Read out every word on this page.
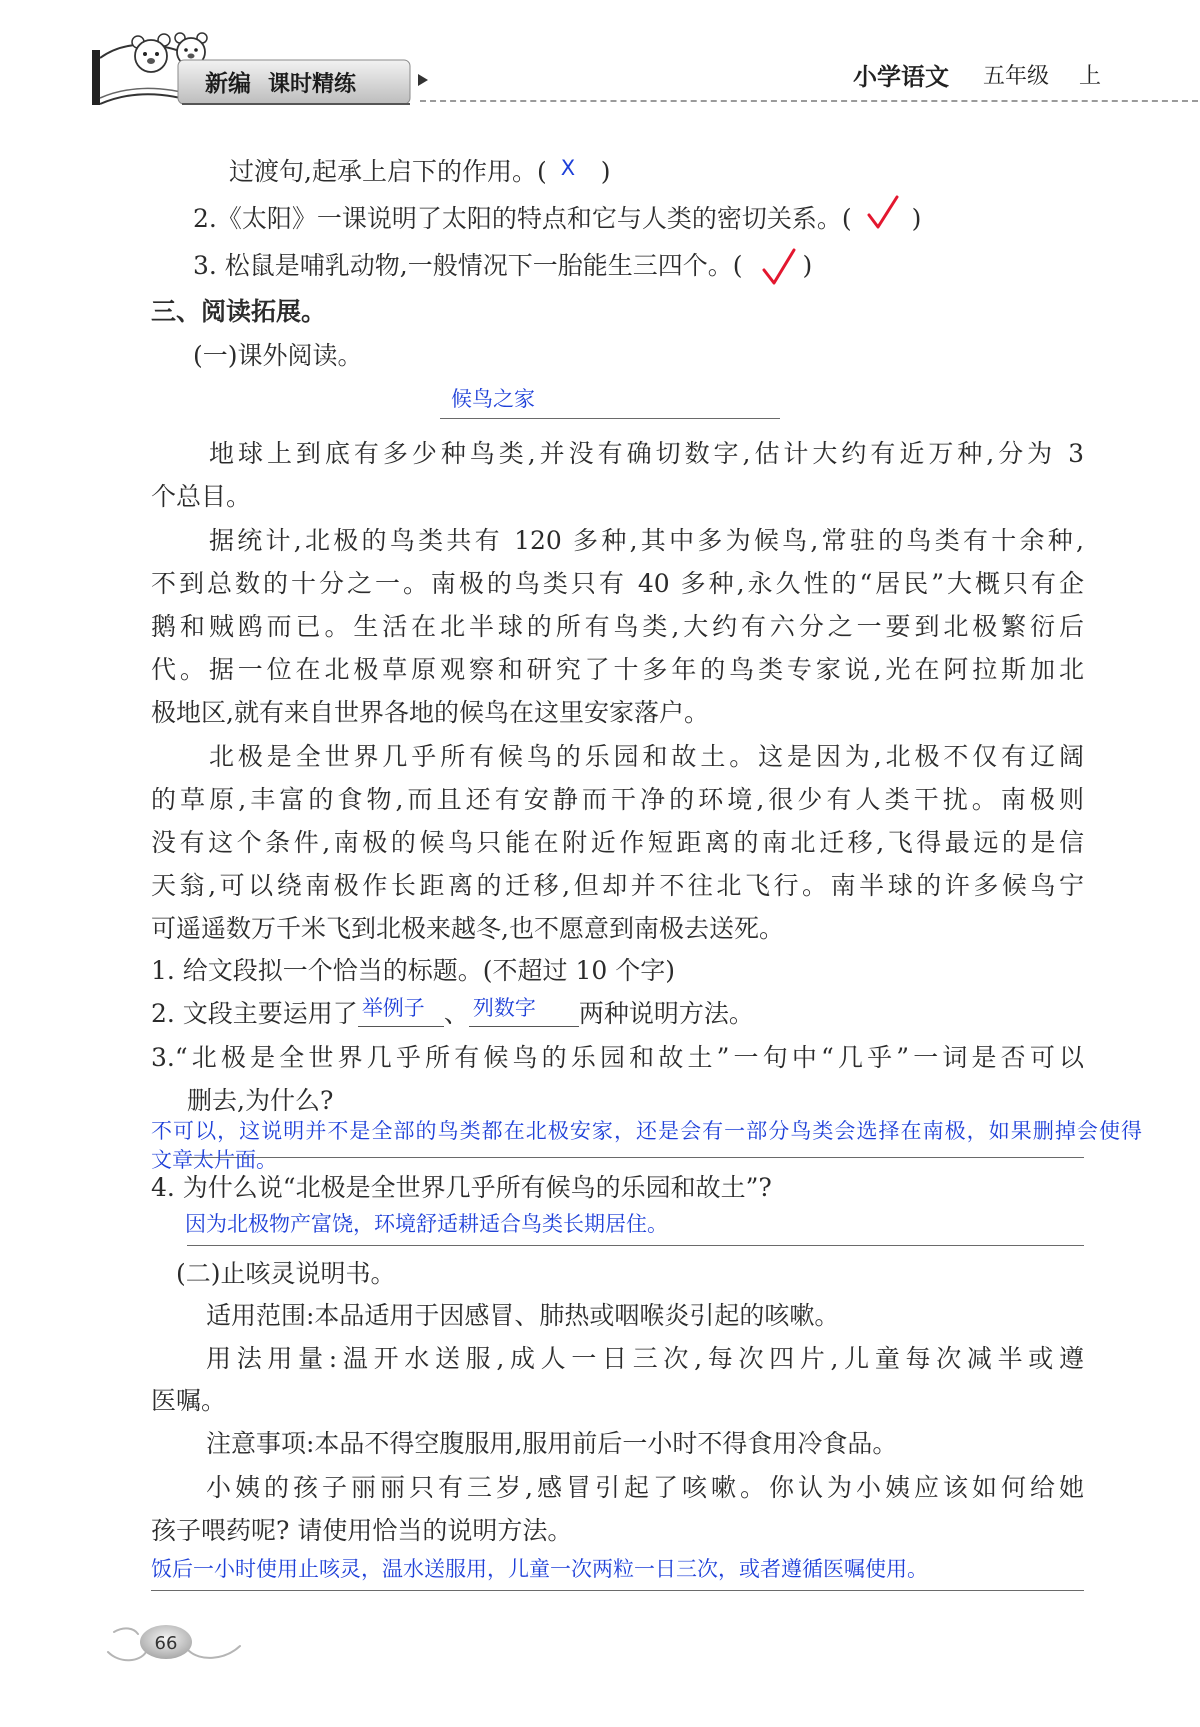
新编 课时精练	小学语文 五年级 上
过渡句,起承上启下的作用。( X )
2.《太阳》一课说明了太阳的特点和它与人类的密切关系。( )
3. 松鼠是哺乳动物,一般情况下一胎能生三四个。( )
三、阅读拓展。
(一)课外阅读。
候鸟之家
地球上到底有多少种鸟类,并没有确切数字,估计大约有近万种,分为 3
个总目。
据统计,北极的鸟类共有 120 多种,其中多为候鸟,常驻的鸟类有十余种,
不到总数的十分之一。南极的鸟类只有 40 多种,永久性的“居民”大概只有企
鹅和贼鸥而已。生活在北半球的所有鸟类,大约有六分之一要到北极繁衍后
代。据一位在北极草原观察和研究了十多年的鸟类专家说,光在阿拉斯加北
极地区,就有来自世界各地的候鸟在这里安家落户。
北极是全世界几乎所有候鸟的乐园和故土。这是因为,北极不仅有辽阔
的草原,丰富的食物,而且还有安静而干净的环境,很少有人类干扰。南极则
没有这个条件,南极的候鸟只能在附近作短距离的南北迁移,飞得最远的是信
天翁,可以绕南极作长距离的迁移,但却并不往北飞行。南半球的许多候鸟宁
可遥遥数万千米飞到北极来越冬,也不愿意到南极去送死。
1. 给文段拟一个恰当的标题。(不超过 10 个字)
2. 文段主要运用了 举例子 、 列数字 两种说明方法。
3.“北极是全世界几乎所有候鸟的乐园和故土”一句中“几乎”一词是否可以
删去,为什么?
不可以，这说明并不是全部的鸟类都在北极安家，还是会有一部分鸟类会选择在南极，如果删掉会使得
文章太片面。
4. 为什么说“北极是全世界几乎所有候鸟的乐园和故土”?
因为北极物产富饶，环境舒适耕适合鸟类长期居住。
(二)止咳灵说明书。
适用范围:本品适用于因感冒、肺热或咽喉炎引起的咳嗽。
用法用量:温开水送服,成人一日三次,每次四片,儿童每次减半或遵
医嘱。
注意事项:本品不得空腹服用,服用前后一小时不得食用冷食品。
小姨的孩子丽丽只有三岁,感冒引起了咳嗽。你认为小姨应该如何给她
孩子喂药呢? 请使用恰当的说明方法。
饭后一小时使用止咳灵，温水送服用，儿童一次两粒一日三次，或者遵循医嘱使用。
66
